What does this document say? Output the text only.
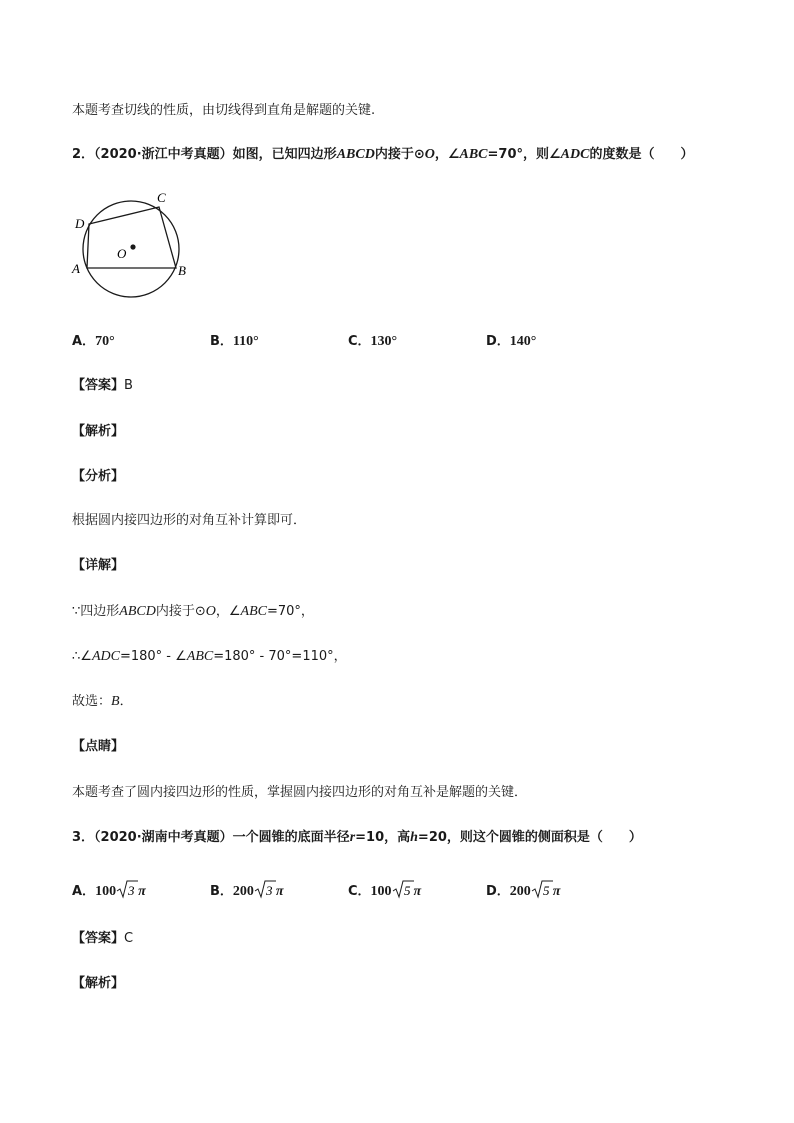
本题考查切线的性质，由切线得到直角是解题的关键.
2．（2020·浙江中考真题）如图，已知四边形ABCD内接于⊙O，∠ABC=70°，则∠ADC的度数是（　　）
O
A	B
C
D
A．70°	B．110°	C．130°	D．140°
【答案】B
【解析】
【分析】
根据圆内接四边形的对角互补计算即可．
【详解】
∵四边形ABCD内接于⊙O，∠ABC=70°，
∴∠ADC=180° - ∠ABC=180° - 70°=110°，
故选：B．
【点睛】
本题考查了圆内接四边形的性质，掌握圆内接四边形的对角互补是解题的关键．
3．（2020·湖南中考真题）一个圆锥的底面半径r=10，高h=20，则这个圆锥的侧面积是（　　）
A．100 3 π	B．200 3 π	C．100 5 π	D．200 5 π
【答案】C
【解析】
